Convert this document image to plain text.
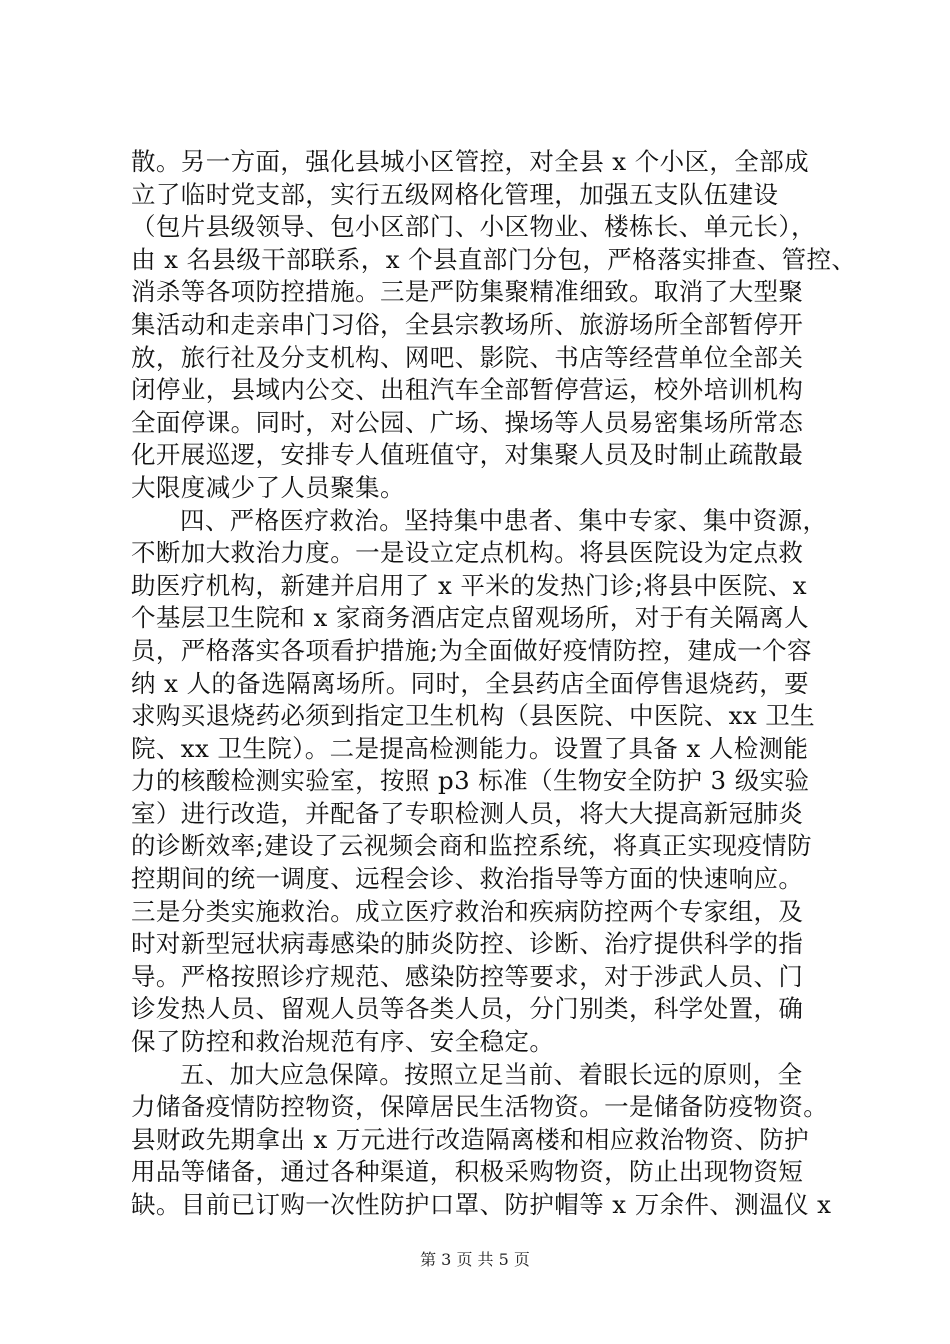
散。另一方面，强化县城小区管控，对全县 x 个小区，全部成
立了临时党支部，实行五级网格化管理，加强五支队伍建设
（包片县级领导、包小区部门、小区物业、楼栋长、单元长），
由 x 名县级干部联系，x 个县直部门分包，严格落实排查、管控、
消杀等各项防控措施。三是严防集聚精准细致。取消了大型聚
集活动和走亲串门习俗，全县宗教场所、旅游场所全部暂停开
放，旅行社及分支机构、网吧、影院、书店等经营单位全部关
闭停业，县域内公交、出租汽车全部暂停营运，校外培训机构
全面停课。同时，对公园、广场、操场等人员易密集场所常态
化开展巡逻，安排专人值班值守，对集聚人员及时制止疏散最
大限度减少了人员聚集。
四、严格医疗救治。坚持集中患者、集中专家、集中资源，
不断加大救治力度。一是设立定点机构。将县医院设为定点救
助医疗机构，新建并启用了 x 平米的发热门诊;将县中医院、x
个基层卫生院和 x 家商务酒店定点留观场所，对于有关隔离人
员，严格落实各项看护措施;为全面做好疫情防控，建成一个容
纳 x 人的备选隔离场所。同时，全县药店全面停售退烧药，要
求购买退烧药必须到指定卫生机构（县医院、中医院、xx 卫生
院、xx 卫生院）。二是提高检测能力。设置了具备 x 人检测能
力的核酸检测实验室，按照 p3 标准（生物安全防护 3 级实验
室）进行改造，并配备了专职检测人员，将大大提高新冠肺炎
的诊断效率;建设了云视频会商和监控系统，将真正实现疫情防
控期间的统一调度、远程会诊、救治指导等方面的快速响应。
三是分类实施救治。成立医疗救治和疾病防控两个专家组，及
时对新型冠状病毒感染的肺炎防控、诊断、治疗提供科学的指
导。严格按照诊疗规范、感染防控等要求，对于涉武人员、门
诊发热人员、留观人员等各类人员，分门别类，科学处置，确
保了防控和救治规范有序、安全稳定。
五、加大应急保障。按照立足当前、着眼长远的原则，全
力储备疫情防控物资，保障居民生活物资。一是储备防疫物资。
县财政先期拿出 x 万元进行改造隔离楼和相应救治物资、防护
用品等储备，通过各种渠道，积极采购物资，防止出现物资短
缺。目前已订购一次性防护口罩、防护帽等 x 万余件、测温仪 x
第 3 页 共 5 页
